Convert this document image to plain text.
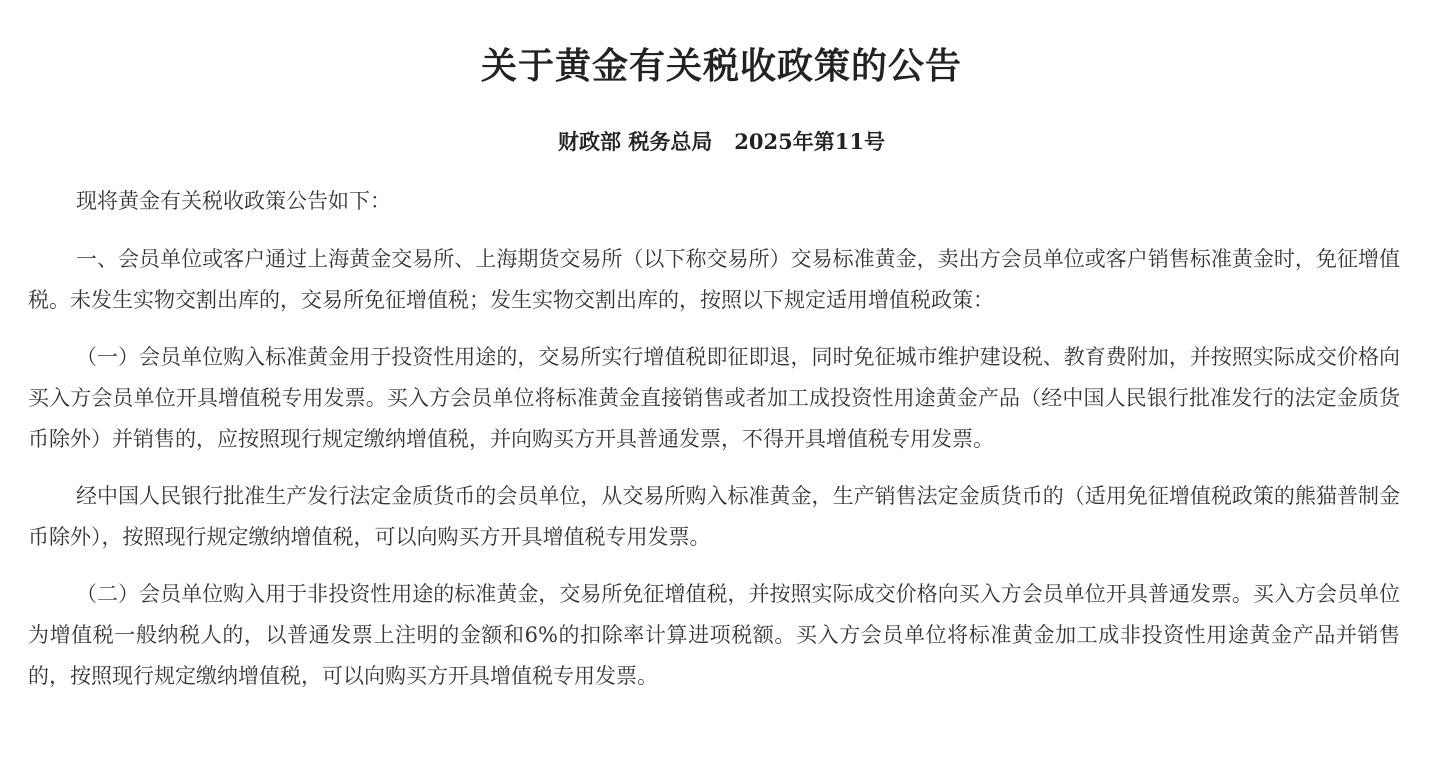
关于黄金有关税收政策的公告
财政部 税务总局   2025年第11号

现将黄金有关税收政策公告如下：

一、会员单位或客户通过上海黄金交易所、上海期货交易所（以下称交易所）交易标准黄金，卖出方会员单位或客户销售标准黄金时，免征增值税。未发生实物交割出库的，交易所免征增值税；发生实物交割出库的，按照以下规定适用增值税政策：

（一）会员单位购入标准黄金用于投资性用途的，交易所实行增值税即征即退，同时免征城市维护建设税、教育费附加，并按照实际成交价格向买入方会员单位开具增值税专用发票。买入方会员单位将标准黄金直接销售或者加工成投资性用途黄金产品（经中国人民银行批准发行的法定金质货币除外）并销售的，应按照现行规定缴纳增值税，并向购买方开具普通发票，不得开具增值税专用发票。

经中国人民银行批准生产发行法定金质货币的会员单位，从交易所购入标准黄金，生产销售法定金质货币的（适用免征增值税政策的熊猫普制金币除外），按照现行规定缴纳增值税，可以向购买方开具增值税专用发票。

（二）会员单位购入用于非投资性用途的标准黄金，交易所免征增值税，并按照实际成交价格向买入方会员单位开具普通发票。买入方会员单位为增值税一般纳税人的，以普通发票上注明的金额和6%的扣除率计算进项税额。买入方会员单位将标准黄金加工成非投资性用途黄金产品并销售的，按照现行规定缴纳增值税，可以向购买方开具增值税专用发票。
